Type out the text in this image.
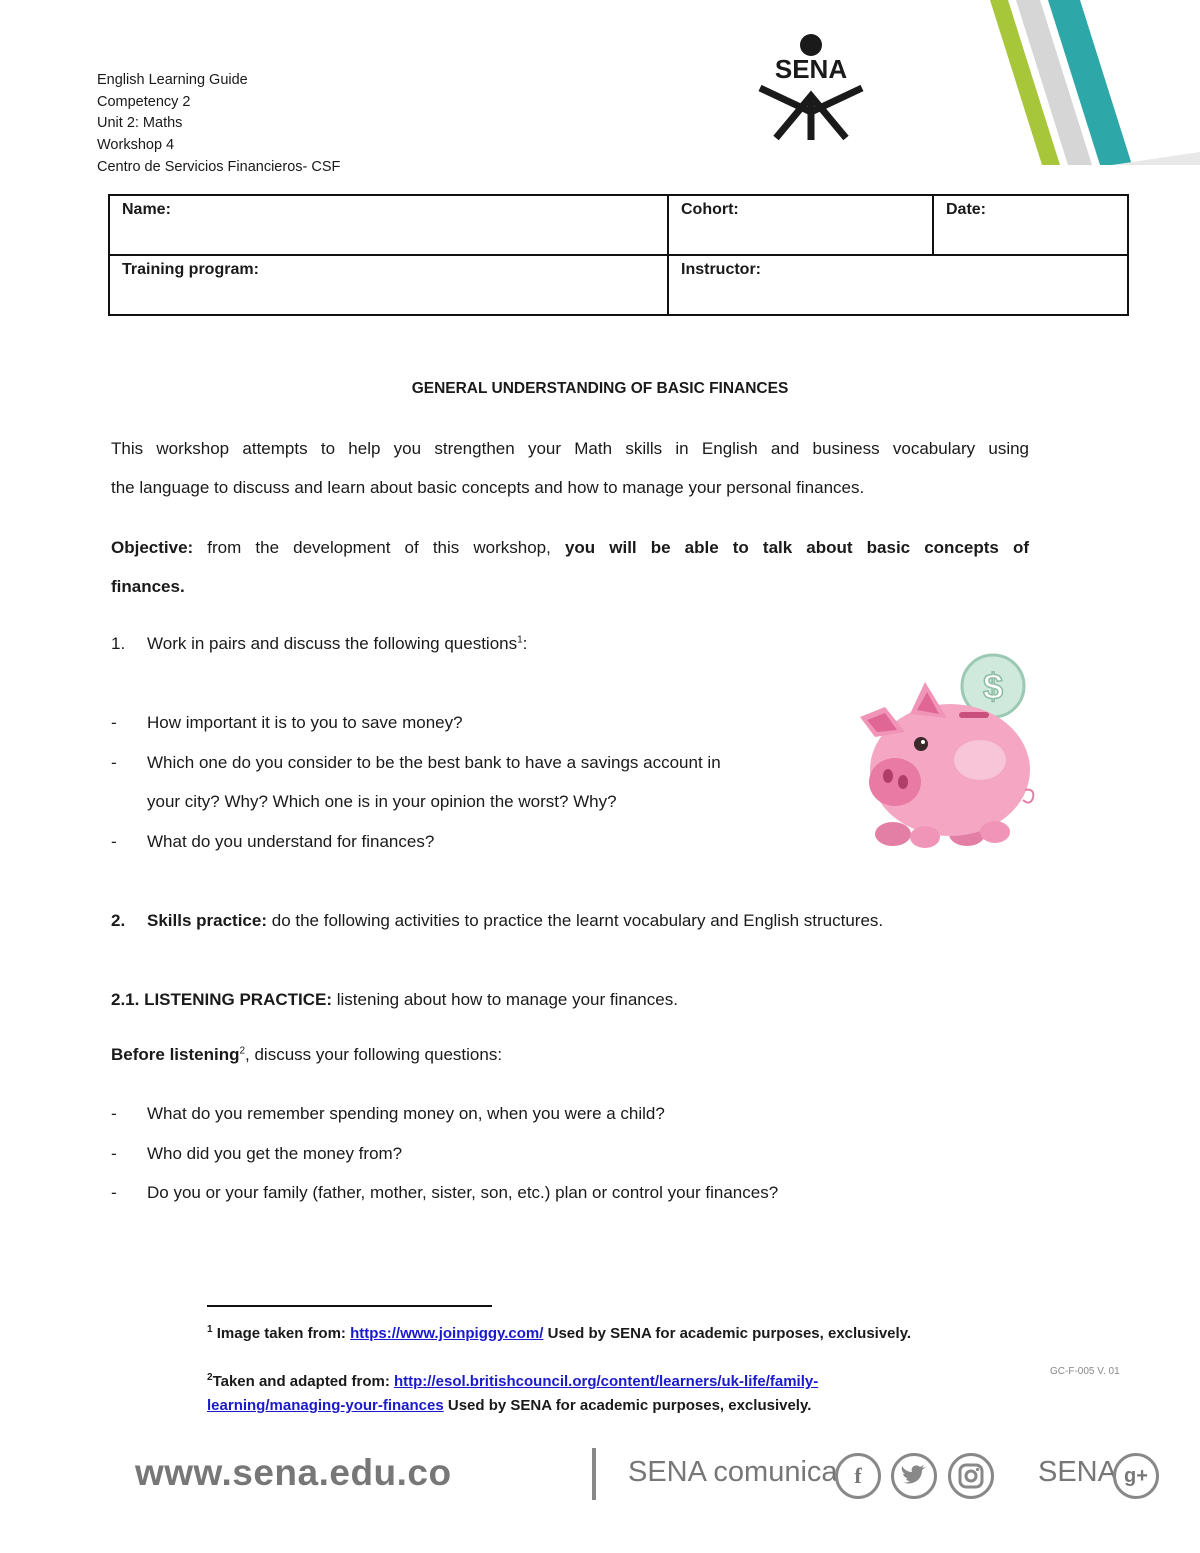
English Learning Guide
Competency 2
Unit 2: Maths
Workshop 4
Centro de Servicios Financieros- CSF
SENA
Name:	Cohort:	Date:
Training program:	Instructor:	
GENERAL UNDERSTANDING OF BASIC FINANCES
This workshop attempts to help you strengthen your Math skills in English and business vocabulary using
the language to discuss and learn about basic concepts and how to manage your personal finances.
Objective: from the development of this workshop, you will be able to talk about basic concepts of
finances.
1. Work in pairs and discuss the following questions$^1$:
- How important it is to you to save money?
- Which one do you consider to be the best bank to have a savings account in
your city? Why? Which one is in your opinion the worst? Why?
- What do you understand for finances?
$
2. Skills practice: do the following activities to practice the learnt vocabulary and English structures.
2.1. LISTENING PRACTICE: listening about how to manage your finances.
Before listening$^2$, discuss your following questions:
- What do you remember spending money on, when you were a child?
- Who did you get the money from?
- Do you or your family (father, mother, sister, son, etc.) plan or control your finances?
$^1$ Image taken from: https://www.joinpiggy.com/ Used by SENA for academic purposes, exclusively.
$^2$Taken and adapted from: http://esol.britishcouncil.org/content/learners/uk-life/family-
learning/managing-your-finances Used by SENA for academic purposes, exclusively.
GC-F-005 V. 01
www.sena.edu.co	SENA comunica f	SENA g+
